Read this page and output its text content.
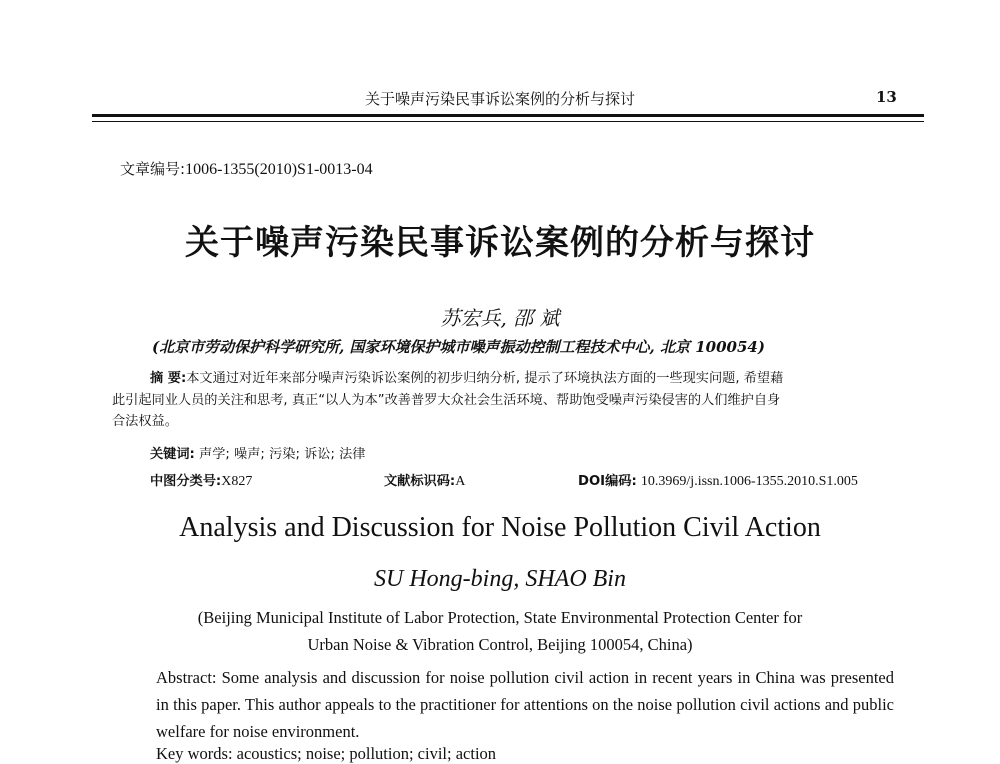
关于噪声污染民事诉讼案例的分析与探讨	13
文章编号:1006-1355(2010)S1-0013-04
关于噪声污染民事诉讼案例的分析与探讨
苏宏兵, 邵 斌
(北京市劳动保护科学研究所, 国家环境保护城市噪声振动控制工程技术中心, 北京 100054)
摘 要:本文通过对近年来部分噪声污染诉讼案例的初步归纳分析, 提示了环境执法方面的一些现实问题, 希望藉
此引起同业人员的关注和思考, 真正“以人为本”改善普罗大众社会生活环境、帮助饱受噪声污染侵害的人们维护自身
合法权益。
关键词: 声学; 噪声; 污染; 诉讼; 法律
中图分类号:X827	文献标识码:A	DOI编码: 10.3969/j.issn.1006-1355.2010.S1.005
Analysis and Discussion for Noise Pollution Civil Action
SU Hong-bing, SHAO Bin
(Beijing Municipal Institute of Labor Protection, State Environmental Protection Center for
Urban Noise & Vibration Control, Beijing 100054, China)
Abstract: Some analysis and discussion for noise pollution civil action in recent years in China was presented in this paper. This author appeals to the practitioner for attentions on the noise pollution civil actions and public welfare for noise environment.
Key words: acoustics; noise; pollution; civil; action
